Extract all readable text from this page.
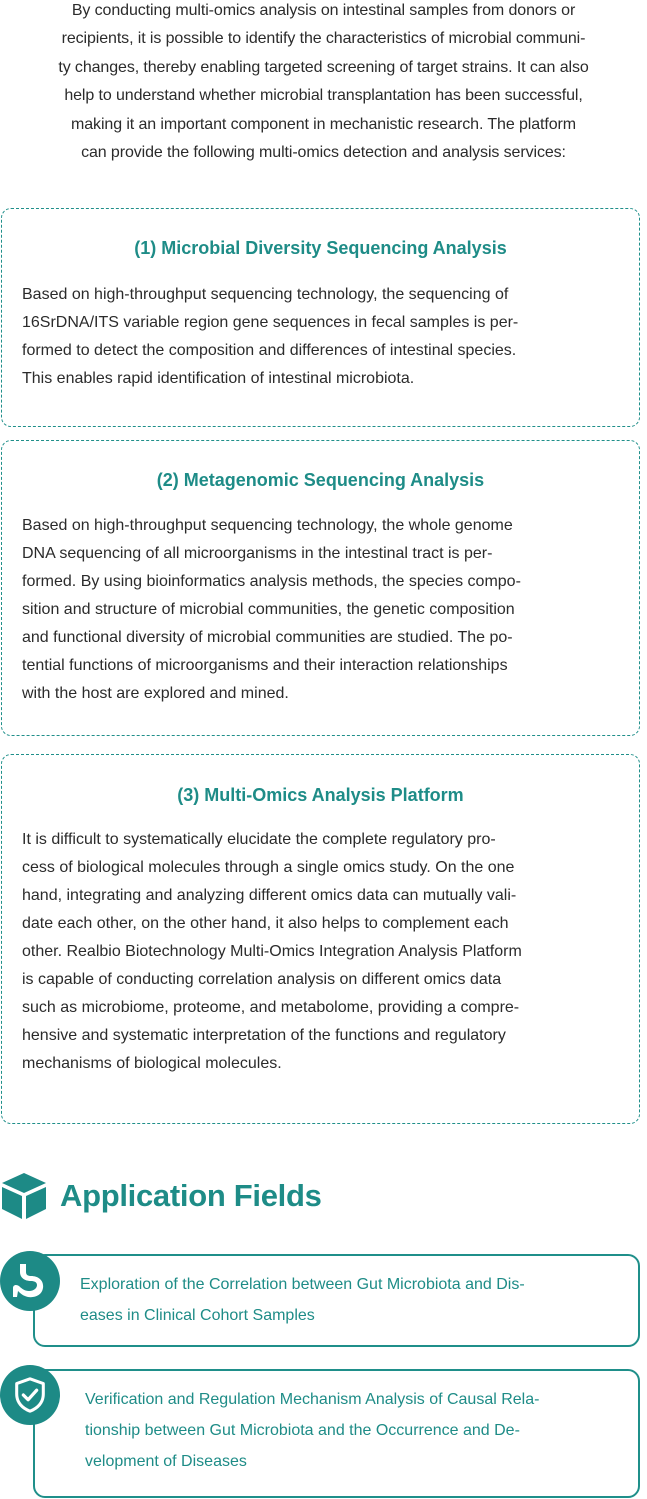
By conducting multi-omics analysis on intestinal samples from donors or
recipients, it is possible to identify the characteristics of microbial communi-
ty changes, thereby enabling targeted screening of target strains. It can also
help to understand whether microbial transplantation has been successful,
making it an important component in mechanistic research. The platform
can provide the following multi-omics detection and analysis services:
(1) Microbial Diversity Sequencing Analysis
Based on high-throughput sequencing technology, the sequencing of
16SrDNA/ITS variable region gene sequences in fecal samples is per-
formed to detect the composition and differences of intestinal species.
This enables rapid identification of intestinal microbiota.
(2) Metagenomic Sequencing Analysis
Based on high-throughput sequencing technology, the whole genome
DNA sequencing of all microorganisms in the intestinal tract is per-
formed. By using bioinformatics analysis methods, the species compo-
sition and structure of microbial communities, the genetic composition
and functional diversity of microbial communities are studied. The po-
tential functions of microorganisms and their interaction relationships
with the host are explored and mined.
(3) Multi-Omics Analysis Platform
It is difficult to systematically elucidate the complete regulatory pro-
cess of biological molecules through a single omics study. On the one
hand, integrating and analyzing different omics data can mutually vali-
date each other, on the other hand, it also helps to complement each
other. Realbio Biotechnology Multi-Omics Integration Analysis Platform
is capable of conducting correlation analysis on different omics data
such as microbiome, proteome, and metabolome, providing a compre-
hensive and systematic interpretation of the functions and regulatory
mechanisms of biological molecules.
Application Fields
Exploration of the Correlation between Gut Microbiota and Dis-
eases in Clinical Cohort Samples
Verification and Regulation Mechanism Analysis of Causal Rela-
tionship between Gut Microbiota and the Occurrence and De-
velopment of Diseases
